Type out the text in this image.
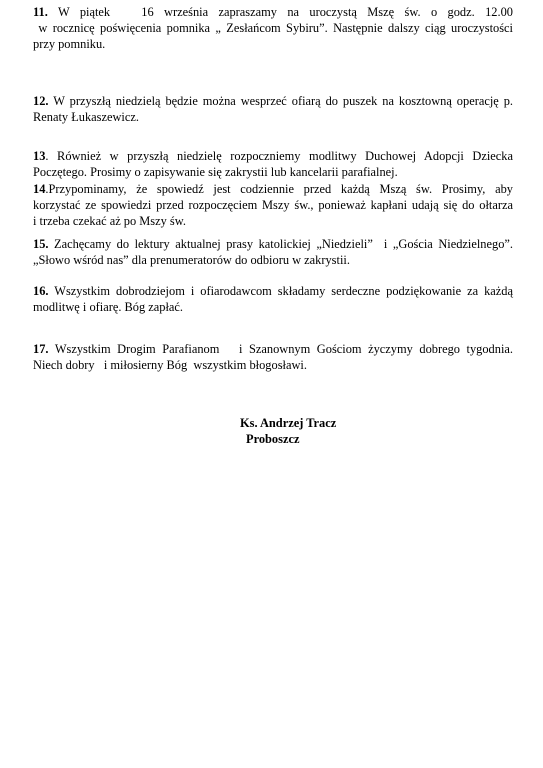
11. W piątek   16 września zapraszamy na uroczystą Mszę św. o godz. 12.00
w rocznicę poświęcenia pomnika „ Zesłańcom Sybiru”. Następnie dalszy ciąg uroczystości
przy pomniku.
12. W przyszłą niedzielą będzie można wesprzeć ofiarą do puszek na kosztowną operację p.
Renaty Łukaszewicz.
13. Również w przyszłą niedzielę rozpoczniemy modlitwy Duchowej Adopcji Dziecka
Poczętego. Prosimy o zapisywanie się zakrystii lub kancelarii parafialnej.
14.Przypominamy, że spowiedź jest codziennie przed każdą Mszą św. Prosimy, aby
korzystać ze spowiedzi przed rozpoczęciem Mszy św., ponieważ kapłani udają się do ołtarza
i trzeba czekać aż po Mszy św.
15. Zachęcamy do lektury aktualnej prasy katolickiej „Niedzieli”  i „Gościa Niedzielnego”.
„Słowo wśród nas” dla prenumeratorów do odbioru w zakrystii.
16. Wszystkim dobrodziejom i ofiarodawcom składamy serdeczne podziękowanie za każdą
modlitwę i ofiarę. Bóg zapłać.
17. Wszystkim Drogim Parafianom   i Szanownym Gościom życzymy dobrego tygodnia.
Niech dobry   i miłosierny Bóg  wszystkim błogosławi.
Ks. Andrzej Tracz
Proboszcz
